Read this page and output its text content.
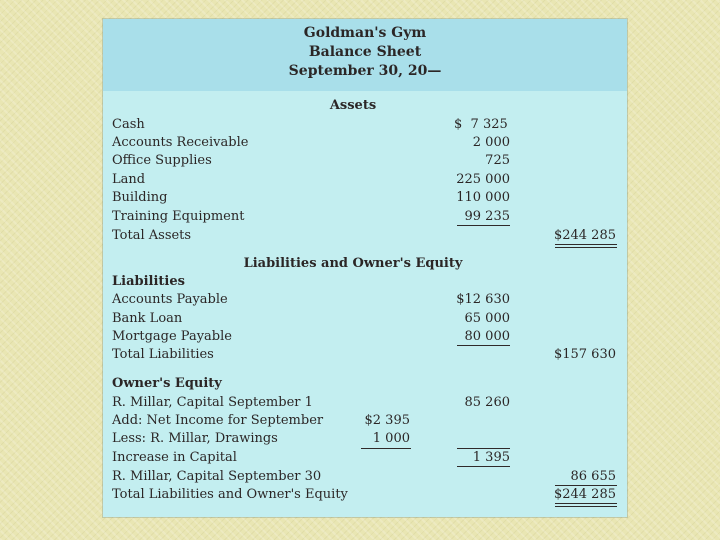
Goldman's Gym
Balance Sheet
September 30, 20—
Assets
Cash
Accounts Receivable
Office Supplies
Land
Building
Training Equipment
Total Assets
$  7 325
2 000
725
225 000
110 000
99 235
$244 285
Liabilities and Owner's Equity
Liabilities
Accounts Payable
Bank Loan
Mortgage Payable
Total Liabilities
$12 630
65 000
80 000
$157 630
Owner's Equity
R. Millar, Capital September 1
Add: Net Income for September
Less: R. Millar, Drawings
Increase in Capital
R. Millar, Capital September 30
Total Liabilities and Owner's Equity
85 260
$2 395
1 000
1 395
86 655
$244 285
